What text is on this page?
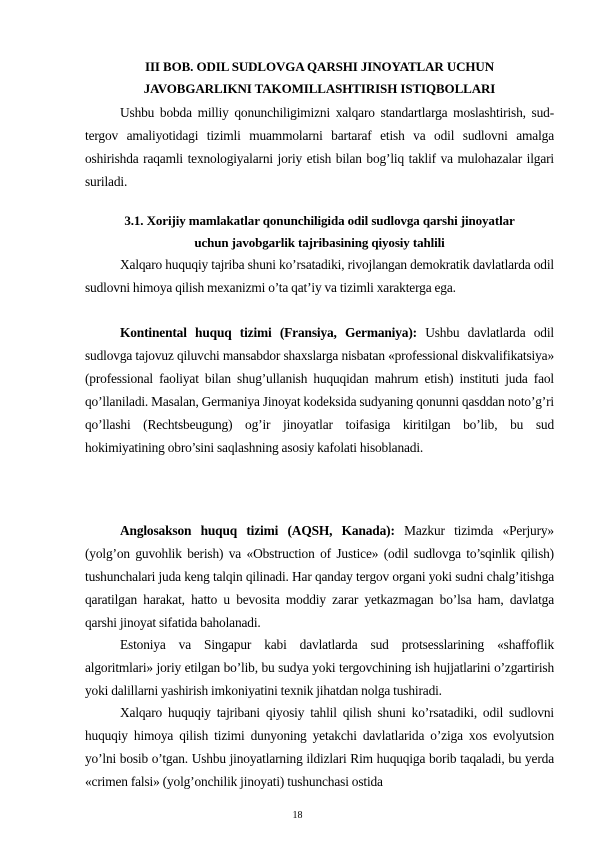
III BOB. ODIL SUDLOVGA QARSHI JINOYATLAR UCHUN
JAVOBGARLIKNI TAKOMILLASHTIRISH ISTIQBOLLARI
Ushbu bobda milliy qonunchiligimizni xalqaro standartlarga moslashtirish, sud-tergov amaliyotidagi tizimli muammolarni bartaraf etish va odil sudlovni amalga oshirishda raqamli texnologiyalarni joriy etish bilan bog’liq taklif va mulohazalar ilgari suriladi.
3.1. Xorijiy mamlakatlar qonunchiligida odil sudlovga qarshi jinoyatlar
uchun javobgarlik tajribasining qiyosiy tahlili
Xalqaro huquqiy tajriba shuni ko’rsatadiki, rivojlangan demokratik davlatlarda odil sudlovni himoya qilish mexanizmi o’ta qat’iy va tizimli xarakterga ega.
Kontinental huquq tizimi (Fransiya, Germaniya): Ushbu davlatlarda odil sudlovga tajovuz qiluvchi mansabdor shaxslarga nisbatan «professional diskvalifikatsiya» (professional faoliyat bilan shug’ullanish huquqidan mahrum etish) instituti juda faol qo’llaniladi. Masalan, Germaniya Jinoyat kodeksida sudyaning qonunni qasddan noto’g’ri qo’llashi (Rechtsbeugung) og’ir jinoyatlar toifasiga kiritilgan bo’lib, bu sud hokimiyatining obro’sini saqlashning asosiy kafolati hisoblanadi.
Anglosakson huquq tizimi (AQSH, Kanada): Mazkur tizimda «Perjury» (yolg’on guvohlik berish) va «Obstruction of Justice» (odil sudlovga to’sqinlik qilish) tushunchalari juda keng talqin qilinadi. Har qanday tergov organi yoki sudni chalg’itishga qaratilgan harakat, hatto u bevosita moddiy zarar yetkazmagan bo’lsa ham, davlatga qarshi jinoyat sifatida baholanadi.
Estoniya va Singapur kabi davlatlarda sud protsesslarining «shaffoflik algoritmlari» joriy etilgan bo’lib, bu sudya yoki tergovchining ish hujjatlarini o’zgartirish yoki dalillarni yashirish imkoniyatini texnik jihatdan nolga tushiradi.
Xalqaro huquqiy tajribani qiyosiy tahlil qilish shuni ko’rsatadiki, odil sudlovni huquqiy himoya qilish tizimi dunyoning yetakchi davlatlarida o’ziga xos evolyutsion yo’lni bosib o’tgan. Ushbu jinoyatlarning ildizlari Rim huquqiga borib taqaladi, bu yerda «crimen falsi» (yolg’onchilik jinoyati) tushunchasi ostida
18
